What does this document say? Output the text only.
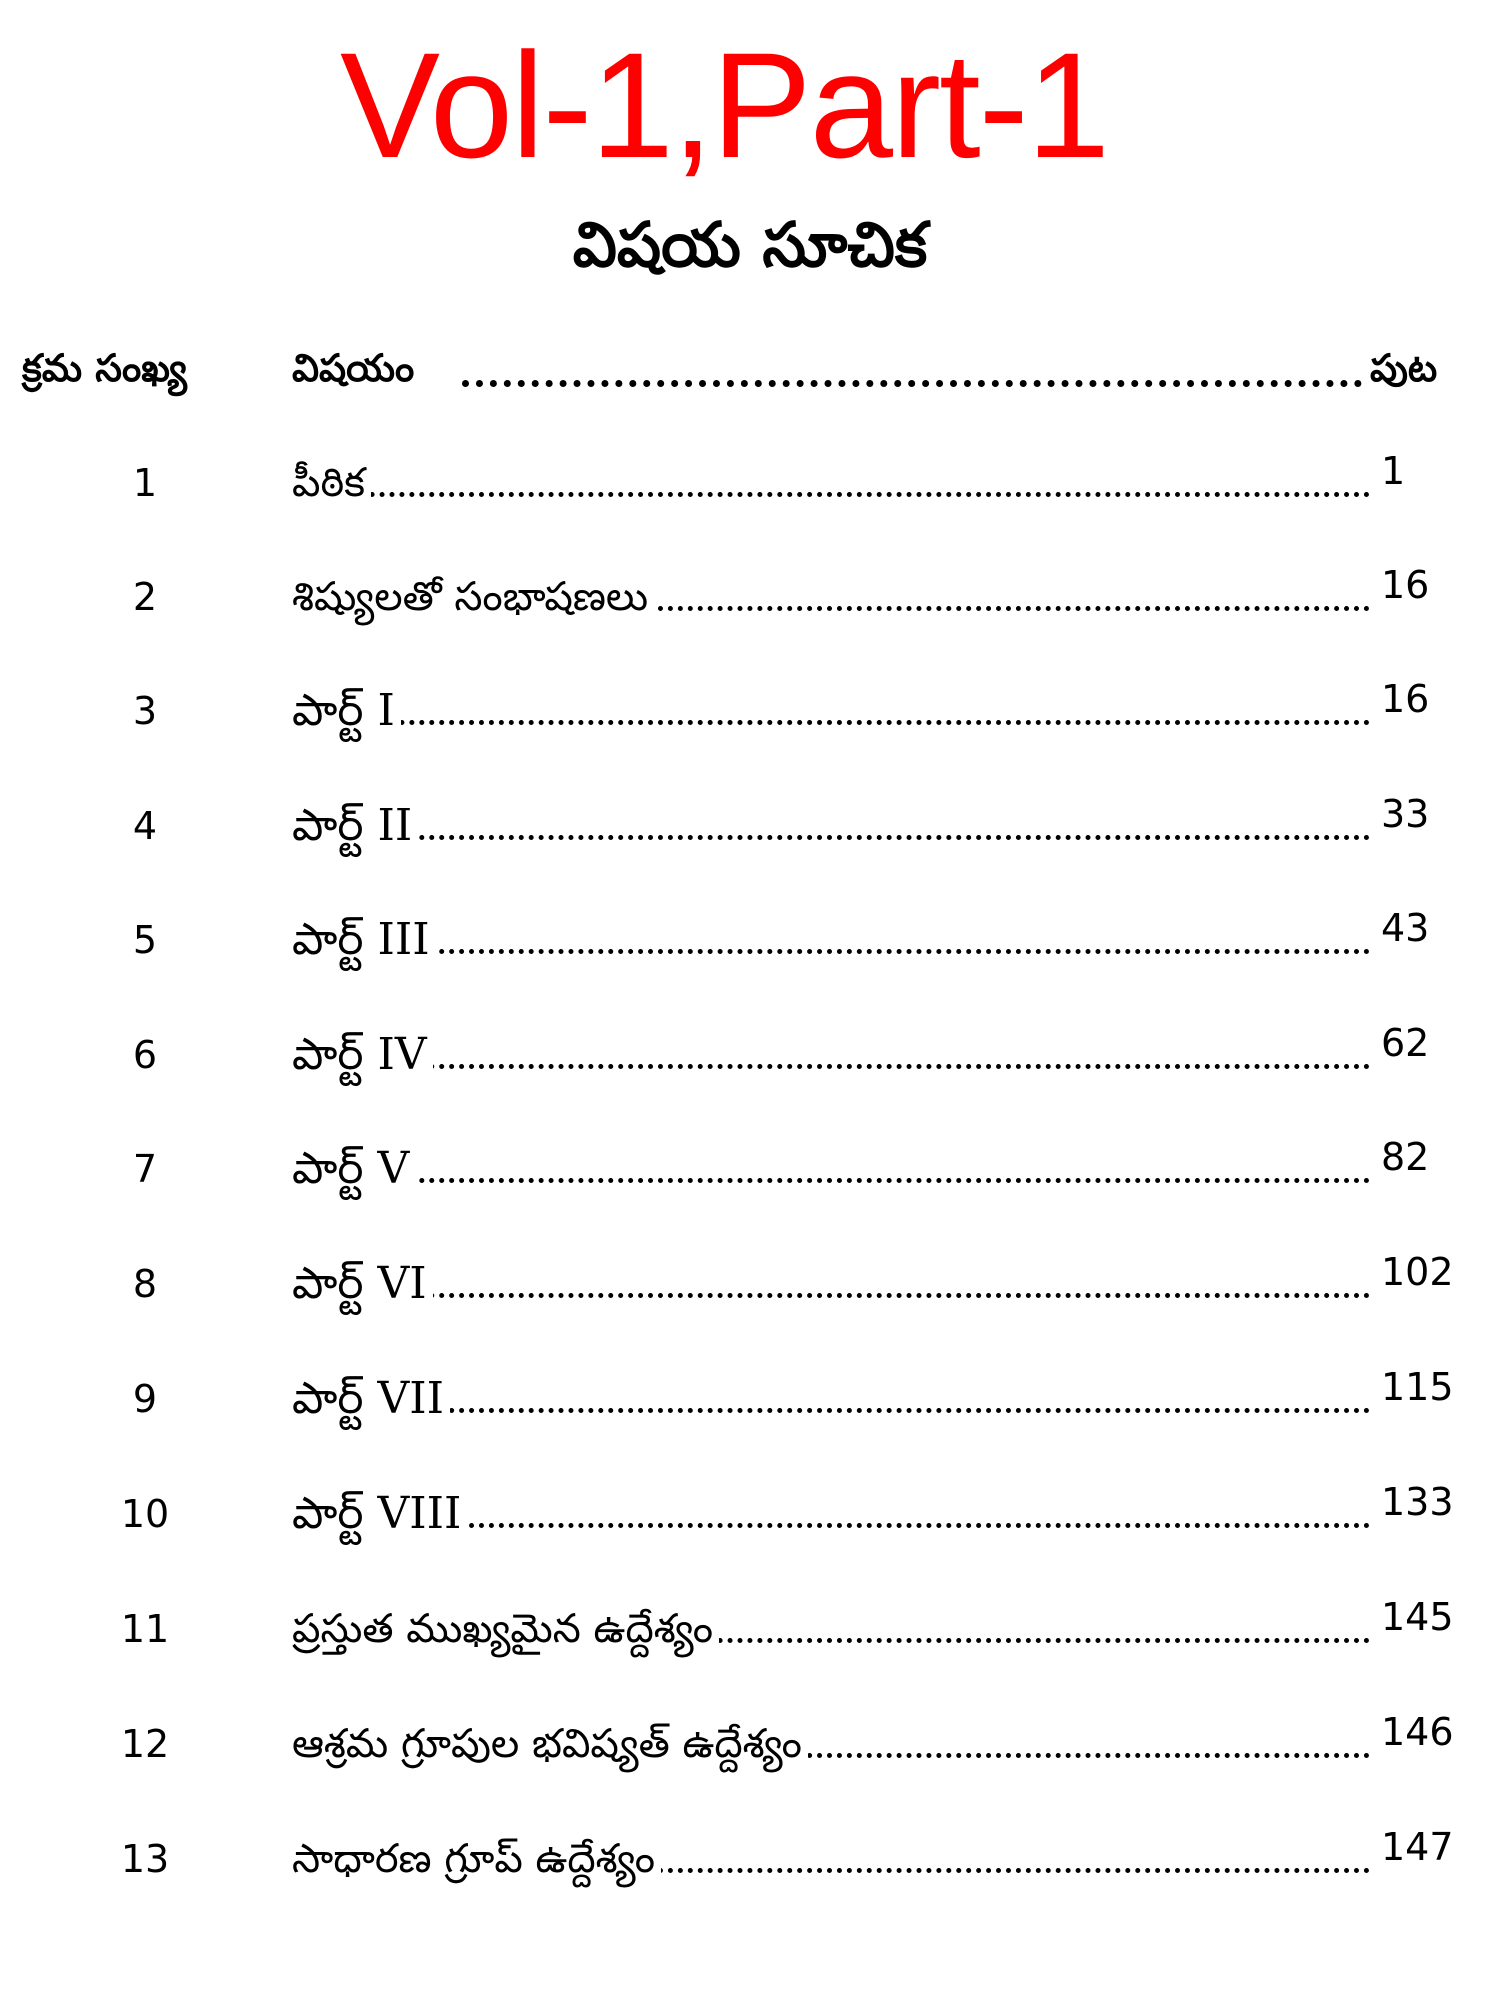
Vol-1,Part-1
విషయ సూచిక
క్రమ సంఖ్య	విషయం	పుట
1	పీఠిక	1
2	శిష్యులతో సంభాషణలు	16
3	పార్ట్ I	16
4	పార్ట్ II	33
5	పార్ట్ III	43
6	పార్ట్ IV	62
7	పార్ట్ V	82
8	పార్ట్ VI	102
9	పార్ట్ VII	115
10	పార్ట్ VIII	133
11	ప్రస్తుత ముఖ్యమైన ఉద్దేశ్యం	145
12	ఆశ్రమ గ్రూపుల భవిష్యత్ ఉద్దేశ్యం	146
13	సాధారణ గ్రూప్ ఉద్దేశ్యం	147
